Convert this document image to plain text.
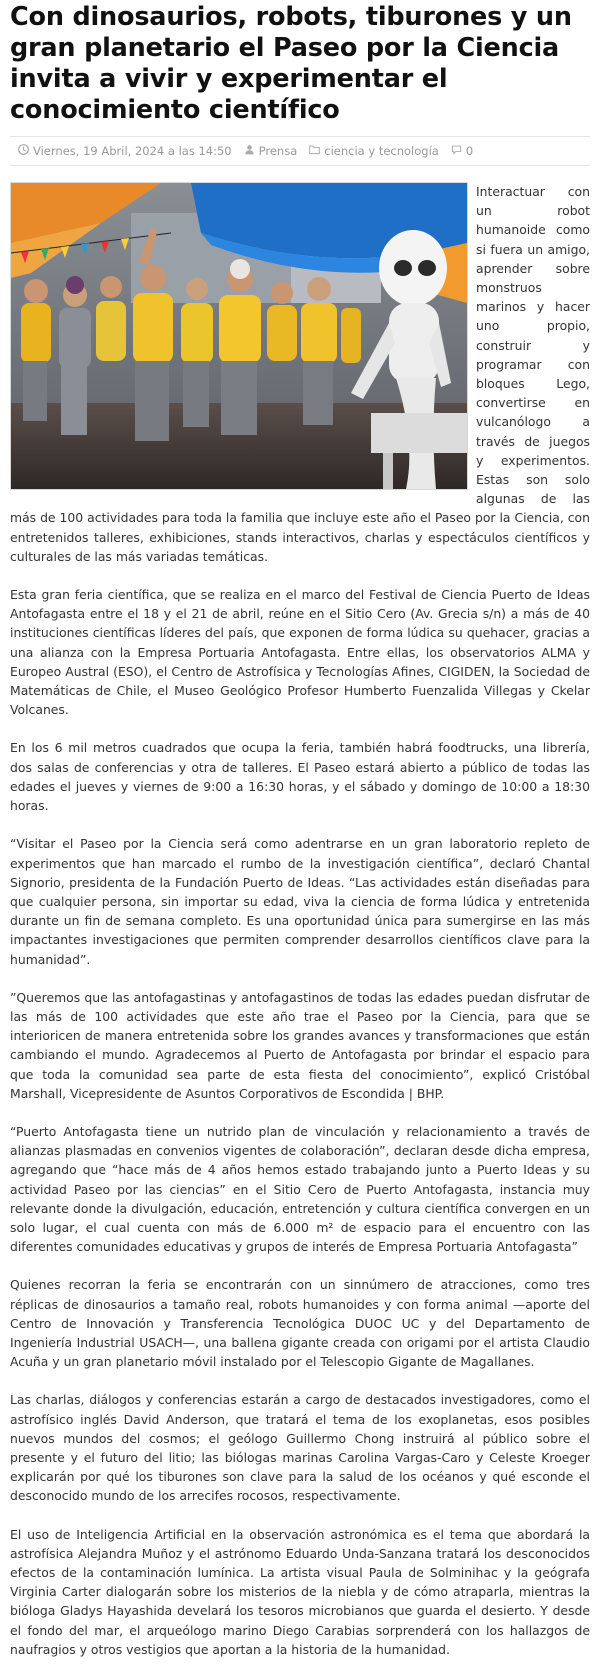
Con dinosaurios, robots, tiburones y un gran planetario el Paseo por la Ciencia invita a vivir y experimentar el conocimiento científico
Viernes, 19 Abril, 2024 a las 14:50 Prensa ciencia y tecnología 0

Interactuar con un robot humanoide como si fuera un amigo, aprender sobre monstruos marinos y hacer uno propio, construir y programar con bloques Lego, convertirse en vulcanólogo a través de juegos y experimentos. Estas son solo algunas de las más de 100 actividades para toda la familia que incluye este año el Paseo por la Ciencia, con entretenidos talleres, exhibiciones, stands interactivos, charlas y espectáculos científicos y culturales de las más variadas temáticas.

Esta gran feria científica, que se realiza en el marco del Festival de Ciencia Puerto de Ideas Antofagasta entre el 18 y el 21 de abril, reúne en el Sitio Cero (Av. Grecia s/n) a más de 40 instituciones científicas líderes del país, que exponen de forma lúdica su quehacer, gracias a una alianza con la Empresa Portuaria Antofagasta. Entre ellas, los observatorios ALMA y Europeo Austral (ESO), el Centro de Astrofísica y Tecnologías Afines, CIGIDEN, la Sociedad de Matemáticas de Chile, el Museo Geológico Profesor Humberto Fuenzalida Villegas y Ckelar Volcanes.

En los 6 mil metros cuadrados que ocupa la feria, también habrá foodtrucks, una librería, dos salas de conferencias y otra de talleres. El Paseo estará abierto a público de todas las edades el jueves y viernes de 9:00 a 16:30 horas, y el sábado y domingo de 10:00 a 18:30 horas.

“Visitar el Paseo por la Ciencia será como adentrarse en un gran laboratorio repleto de experimentos que han marcado el rumbo de la investigación científica”, declaró Chantal Signorio, presidenta de la Fundación Puerto de Ideas. “Las actividades están diseñadas para que cualquier persona, sin importar su edad, viva la ciencia de forma lúdica y entretenida durante un fin de semana completo. Es una oportunidad única para sumergirse en las más impactantes investigaciones que permiten comprender desarrollos científicos clave para la humanidad”.

”Queremos que las antofagastinas y antofagastinos de todas las edades puedan disfrutar de las más de 100 actividades que este año trae el Paseo por la Ciencia, para que se interioricen de manera entretenida sobre los grandes avances y transformaciones que están cambiando el mundo. Agradecemos al Puerto de Antofagasta por brindar el espacio para que toda la comunidad sea parte de esta fiesta del conocimiento”, explicó Cristóbal Marshall, Vicepresidente de Asuntos Corporativos de Escondida | BHP.

“Puerto Antofagasta tiene un nutrido plan de vinculación y relacionamiento a través de alianzas plasmadas en convenios vigentes de colaboración”, declaran desde dicha empresa, agregando que “hace más de 4 años hemos estado trabajando junto a Puerto Ideas y su actividad Paseo por las ciencias” en el Sitio Cero de Puerto Antofagasta, instancia muy relevante donde la divulgación, educación, entretención y cultura científica convergen en un solo lugar, el cual cuenta con más de 6.000 m² de espacio para el encuentro con las diferentes comunidades educativas y grupos de interés de Empresa Portuaria Antofagasta”

Quienes recorran la feria se encontrarán con un sinnúmero de atracciones, como tres réplicas de dinosaurios a tamaño real, robots humanoides y con forma animal —aporte del Centro de Innovación y Transferencia Tecnológica DUOC UC y del Departamento de Ingeniería Industrial USACH—, una ballena gigante creada con origami por el artista Claudio Acuña y un gran planetario móvil instalado por el Telescopio Gigante de Magallanes.

Las charlas, diálogos y conferencias estarán a cargo de destacados investigadores, como el astrofísico inglés David Anderson, que tratará el tema de los exoplanetas, esos posibles nuevos mundos del cosmos; el geólogo Guillermo Chong instruirá al público sobre el presente y el futuro del litio; las biólogas marinas Carolina Vargas-Caro y Celeste Kroeger explicarán por qué los tiburones son clave para la salud de los océanos y qué esconde el desconocido mundo de los arrecifes rocosos, respectivamente.

El uso de Inteligencia Artificial en la observación astronómica es el tema que abordará la astrofísica Alejandra Muñoz y el astrónomo Eduardo Unda-Sanzana tratará los desconocidos efectos de la contaminación lumínica. La artista visual Paula de Solminihac y la geógrafa Virginia Carter dialogarán sobre los misterios de la niebla y de cómo atraparla, mientras la bióloga Gladys Hayashida develará los tesoros microbianos que guarda el desierto. Y desde el fondo del mar, el arqueólogo marino Diego Carabias sorprenderá con los hallazgos de naufragios y otros vestigios que aportan a la historia de la humanidad.
